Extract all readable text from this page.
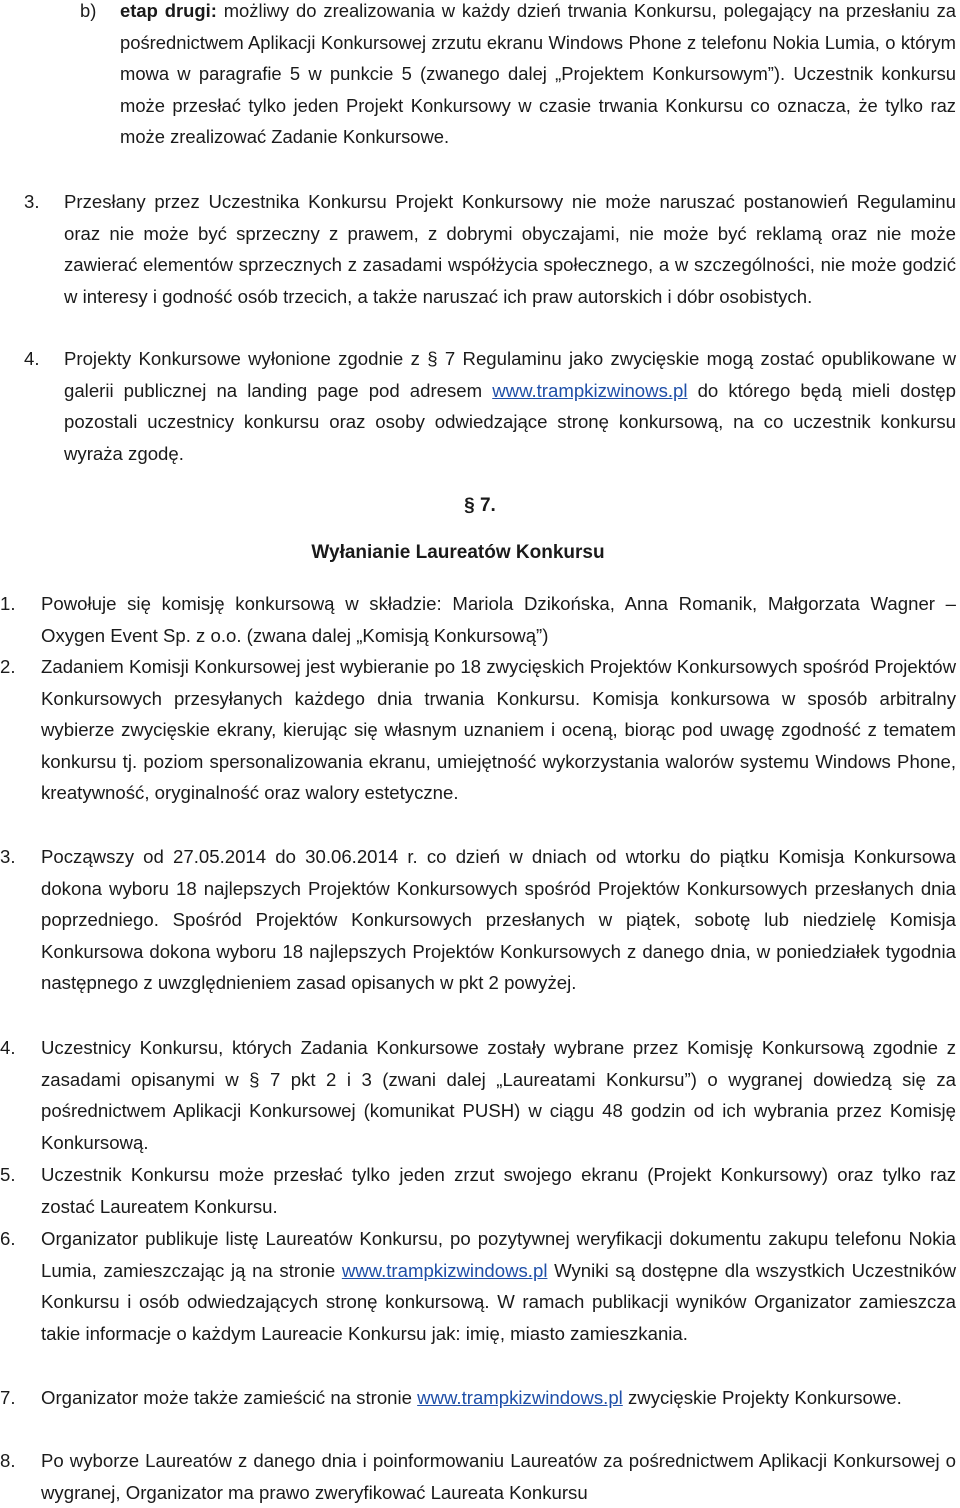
b) etap drugi: możliwy do zrealizowania w każdy dzień trwania Konkursu, polegający na przesłaniu za pośrednictwem Aplikacji Konkursowej zrzutu ekranu Windows Phone z telefonu Nokia Lumia, o którym mowa w paragrafie 5 w punkcie 5 (zwanego dalej „Projektem Konkursowym”). Uczestnik konkursu może przesłać tylko jeden Projekt Konkursowy w czasie trwania Konkursu co oznacza, że tylko raz może zrealizować Zadanie Konkursowe.
3. Przesłany przez Uczestnika Konkursu Projekt Konkursowy nie może naruszać postanowień Regulaminu oraz nie może być sprzeczny z prawem, z dobrymi obyczajami, nie może być reklamą oraz nie może zawierać elementów sprzecznych z zasadami współżycia społecznego, a w szczególności, nie może godzić w interesy i godność osób trzecich, a także naruszać ich praw autorskich i dóbr osobistych.
4. Projekty Konkursowe wyłonione zgodnie z § 7 Regulaminu jako zwycięskie mogą zostać opublikowane w galerii publicznej na landing page pod adresem www.trampkizwinows.pl do którego będą mieli dostęp pozostali uczestnicy konkursu oraz osoby odwiedzające stronę konkursową, na co uczestnik konkursu wyraża zgodę.
§ 7.
Wyłanianie Laureatów Konkursu
1. Powołuje się komisję konkursową w składzie: Mariola Dzikońska, Anna Romanik, Małgorzata Wagner – Oxygen Event Sp. z o.o. (zwana dalej „Komisją Konkursową”)
2. Zadaniem Komisji Konkursowej jest wybieranie po 18 zwycięskich Projektów Konkursowych spośród Projektów Konkursowych przesyłanych każdego dnia trwania Konkursu. Komisja konkursowa w sposób arbitralny wybierze zwycięskie ekrany, kierując się własnym uznaniem i oceną, biorąc pod uwagę zgodność z tematem konkursu tj. poziom spersonalizowania ekranu, umiejętność wykorzystania walorów systemu Windows Phone, kreatywność, oryginalność oraz walory estetyczne.
3. Począwszy od 27.05.2014 do 30.06.2014 r. co dzień w dniach od wtorku do piątku Komisja Konkursowa dokona wyboru 18 najlepszych Projektów Konkursowych spośród Projektów Konkursowych przesłanych dnia poprzedniego. Spośród Projektów Konkursowych przesłanych w piątek, sobotę lub niedzielę Komisja Konkursowa dokona wyboru 18 najlepszych Projektów Konkursowych z danego dnia, w poniedziałek tygodnia następnego z uwzględnieniem zasad opisanych w pkt 2 powyżej.
4. Uczestnicy Konkursu, których Zadania Konkursowe zostały wybrane przez Komisję Konkursową zgodnie z zasadami opisanymi w § 7 pkt 2 i 3 (zwani dalej „Laureatami Konkursu”) o wygranej dowiedzą się za pośrednictwem Aplikacji Konkursowej (komunikat PUSH) w ciągu 48 godzin od ich wybrania przez Komisję Konkursową.
5. Uczestnik Konkursu może przesłać tylko jeden zrzut swojego ekranu (Projekt Konkursowy) oraz tylko raz zostać Laureatem Konkursu.
6. Organizator publikuje listę Laureatów Konkursu, po pozytywnej weryfikacji dokumentu zakupu telefonu Nokia Lumia, zamieszczając ją na stronie www.trampkizwindows.pl Wyniki są dostępne dla wszystkich Uczestników Konkursu i osób odwiedzających stronę konkursową. W ramach publikacji wyników Organizator zamieszcza takie informacje o każdym Laureacie Konkursu jak: imię, miasto zamieszkania.
7. Organizator może także zamieścić na stronie www.trampkizwindows.pl zwycięskie Projekty Konkursowe.
8. Po wyborze Laureatów z danego dnia i poinformowaniu Laureatów za pośrednictwem Aplikacji Konkursowej o wygranej, Organizator ma prawo zweryfikować Laureata Konkursu
